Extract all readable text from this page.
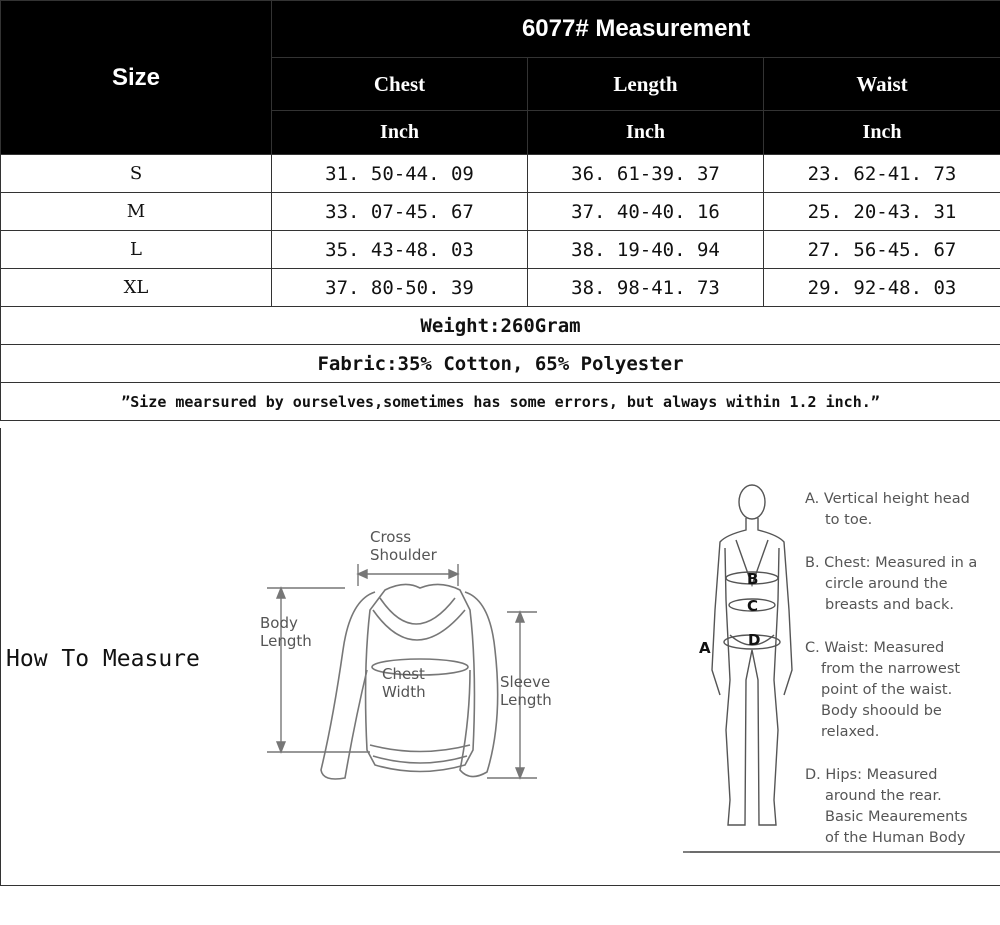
Size	6077# Measurement		
	Chest	Length	Waist
	Inch	Inch	Inch
S	31. 50-44. 09	36. 61-39. 37	23. 62-41. 73
M	33. 07-45. 67	37. 40-40. 16	25. 20-43. 31
L	35. 43-48. 03	38. 19-40. 94	27. 56-45. 67
XL	37. 80-50. 39	38. 98-41. 73	29. 92-48. 03
Weight:260Gram			
Fabric:35% Cotton, 65% Polyester			
”Size mearsured by ourselves,sometimes has some errors, but always within 1.2 inch.”			
How To Measure
Cross
Shoulder
Body
Length
Chest
Width
Sleeve
Length
A
B
C
D
A. Vertical height head
to toe.
B. Chest: Measured in a
circle around the
breasts and back.
C. Waist: Measured
from the narrowest
point of the waist.
Body shoould be
relaxed.
D. Hips: Measured
around the rear.
Basic Meaurements
of the Human Body
